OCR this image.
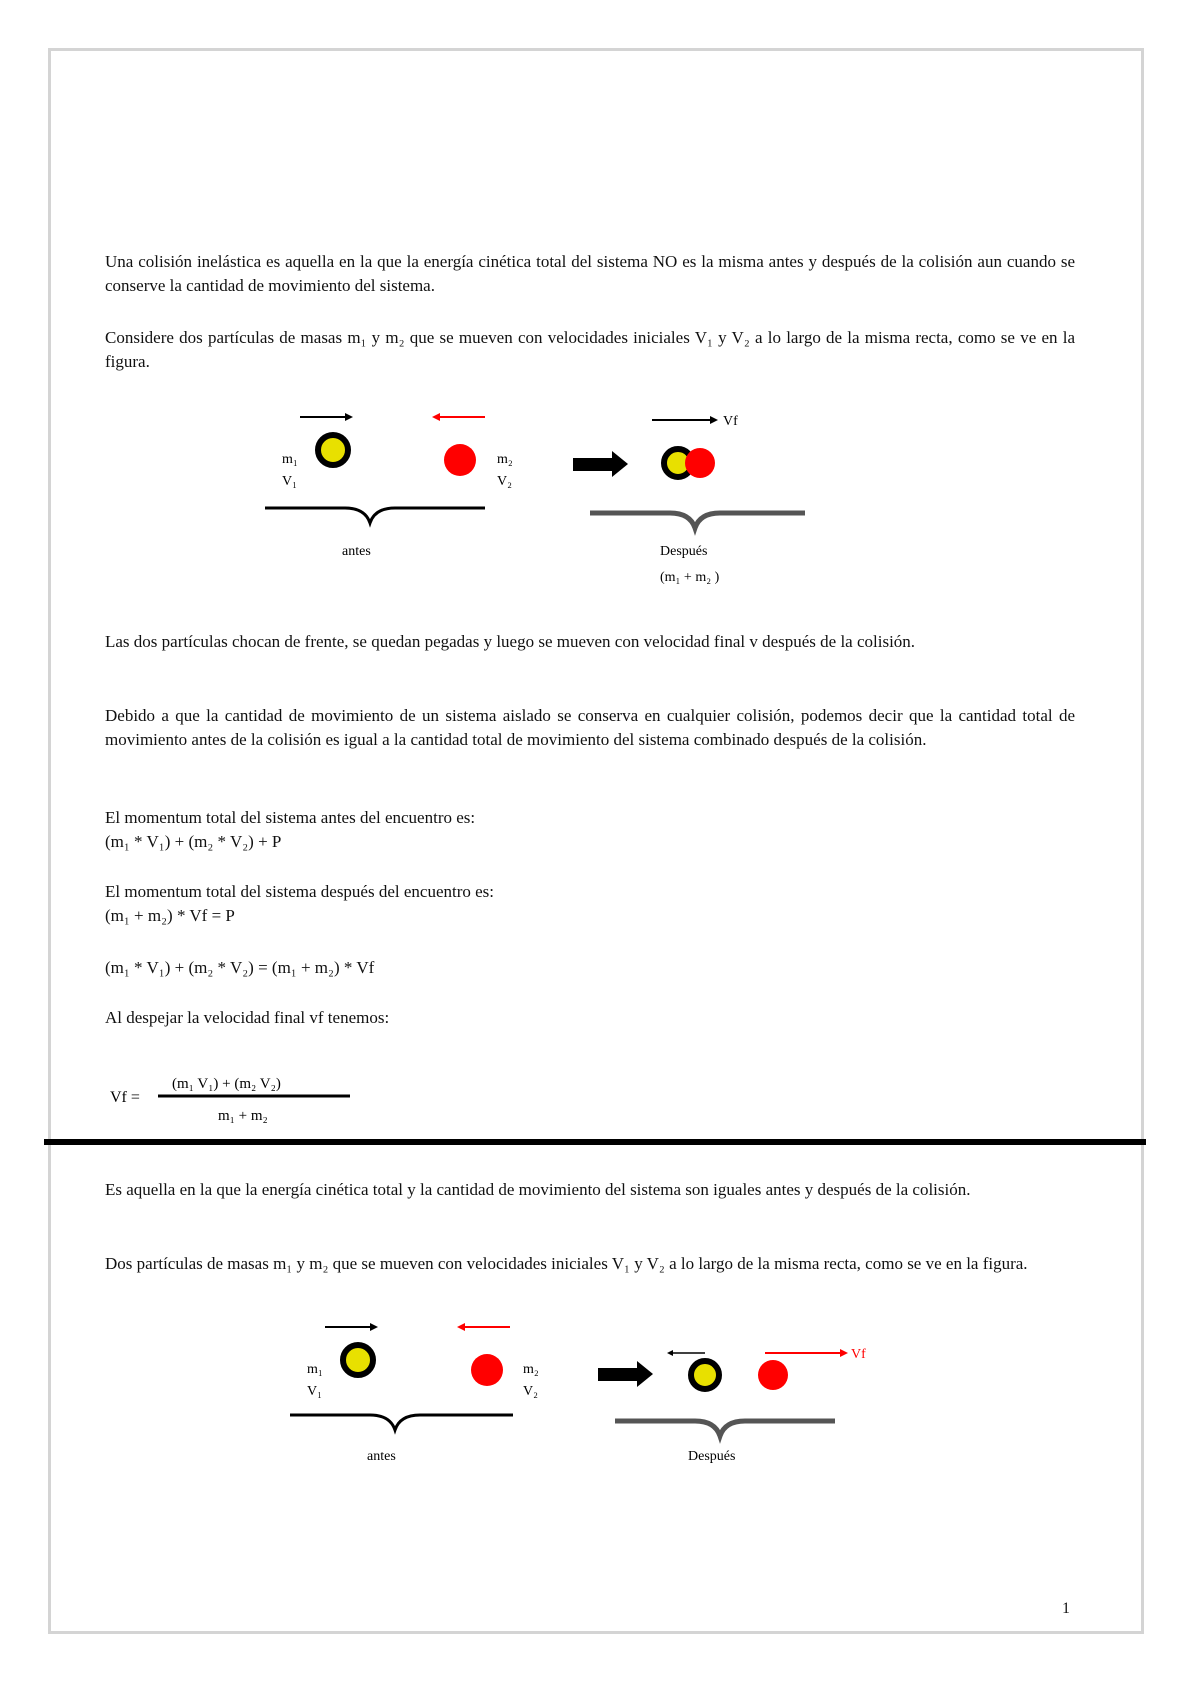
Una colisión inelástica es aquella en la que la energía cinética total del sistema NO es la misma antes y después de la colisión aun cuando se conserve la cantidad de movimiento del sistema.

Considere dos partículas de masas m₁ y m₂ que se mueven con velocidades iniciales V₁ y V₂ a lo largo de la misma recta, como se ve en la figura.

m₁
V₁
m₂
V₂
antes
Vf
Después
(m₁ + m₂ )

Las dos partículas chocan de frente, se quedan pegadas y luego se mueven con velocidad final v después de la colisión.

Debido a que la cantidad de movimiento de un sistema aislado se conserva en cualquier colisión, podemos decir que la cantidad total de movimiento antes de la colisión es igual a la cantidad total de movimiento del sistema combinado después de la colisión.

El momentum total del sistema antes del encuentro es:

(m₁ * V₁) + (m₂ * V₂) + P

El momentum total del sistema después del encuentro es:

(m₁ + m₂) * Vf = P

(m₁ * V₁) + (m₂ * V₂) = (m₁ + m₂) * Vf

Al despejar la velocidad final vf tenemos:

Vf =
(m₁ V₁) + (m₂ V₂)
m₁ + m₂

Es aquella en la que la energía cinética total y la cantidad de movimiento del sistema son iguales antes y después de la colisión.

Dos partículas de masas m₁ y m₂ que se mueven con velocidades iniciales V₁ y V₂ a lo largo de la misma recta, como se ve en la figura.

m₁
V₁
m₂
V₂
antes
Vf
Después
1
